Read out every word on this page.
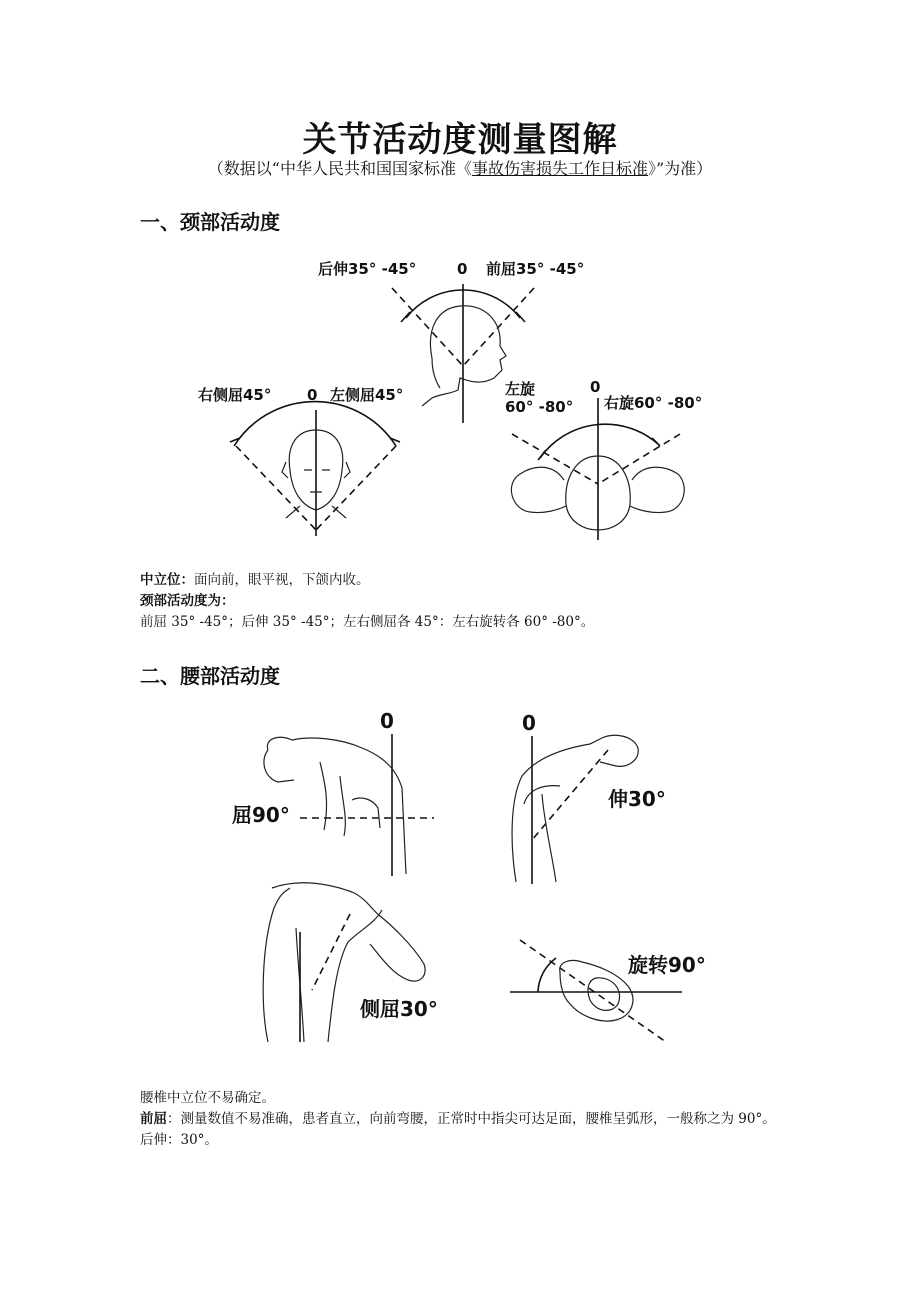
关节活动度测量图解
（数据以“中华人民共和国国家标准《事故伤害损失工作日标准》”为准）
一、颈部活动度
后伸35° -45°	0 前屈35° -45°
右侧屈45° 0 左侧屈45°	左旋
60° -80°
0
右旋60° -80°
中立位：面向前，眼平视，下颌内收。
颈部活动度为：
前屈 35° -45°；后伸 35° -45°；左右侧屈各 45°：左右旋转各 60° -80°。
二、腰部活动度
0
屈90°
0
伸30°
侧屈30°
旋转90°
腰椎中立位不易确定。
前屈：测量数值不易准确，患者直立，向前弯腰，正常时中指尖可达足面，腰椎呈弧形，一般称之为 90°。后伸：30°。
